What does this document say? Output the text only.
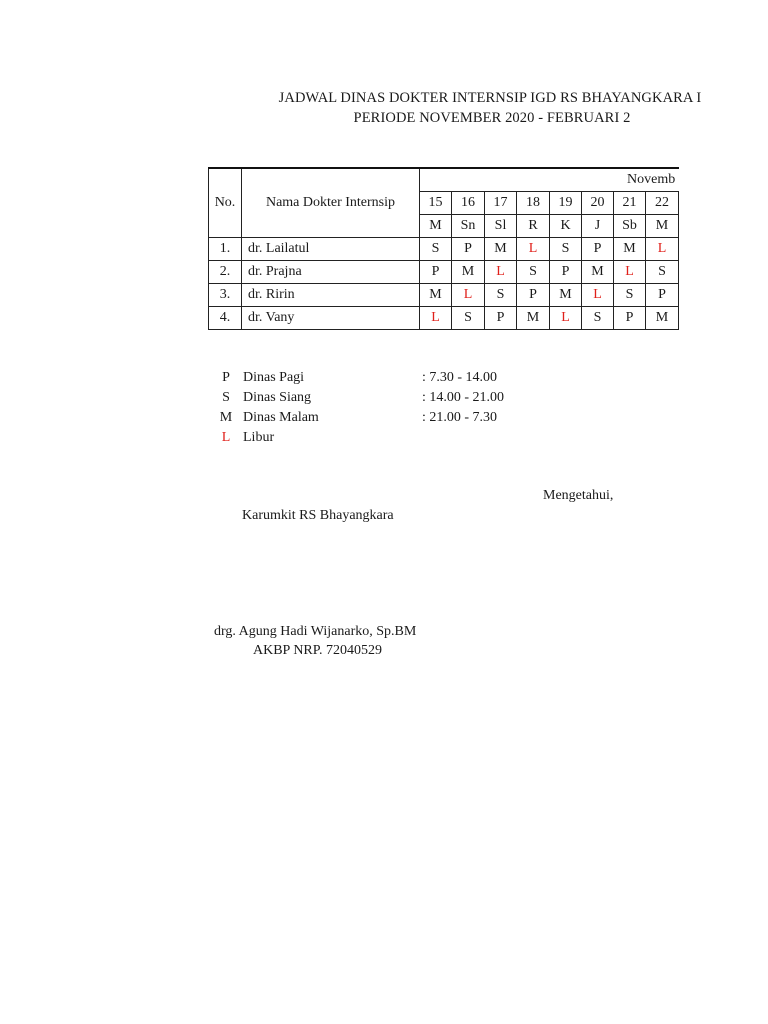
JADWAL DINAS DOKTER INTERNSIP IGD RS BHAYANGKARA I
PERIODE NOVEMBER 2020 - FEBRUARI 2
No.	Nama Dokter Internsip	Novemb							
		15	16	17	18	19	20	21	22
		M	Sn	Sl	R	K	J	Sb	M
1.	dr. Lailatul	S	P	M	L	S	P	M	L
2.	dr. Prajna	P	M	L	S	P	M	L	S
3.	dr. Ririn	M	L	S	P	M	L	S	P
4.	dr. Vany	L	S	P	M	L	S	P	M
P Dinas Pagi	: 7.30 - 14.00
S Dinas Siang	: 14.00 - 21.00
M Dinas Malam	: 21.00 - 7.30
L Libur
Mengetahui,
Karumkit RS Bhayangkara
drg. Agung Hadi Wijanarko, Sp.BM
AKBP NRP. 72040529
